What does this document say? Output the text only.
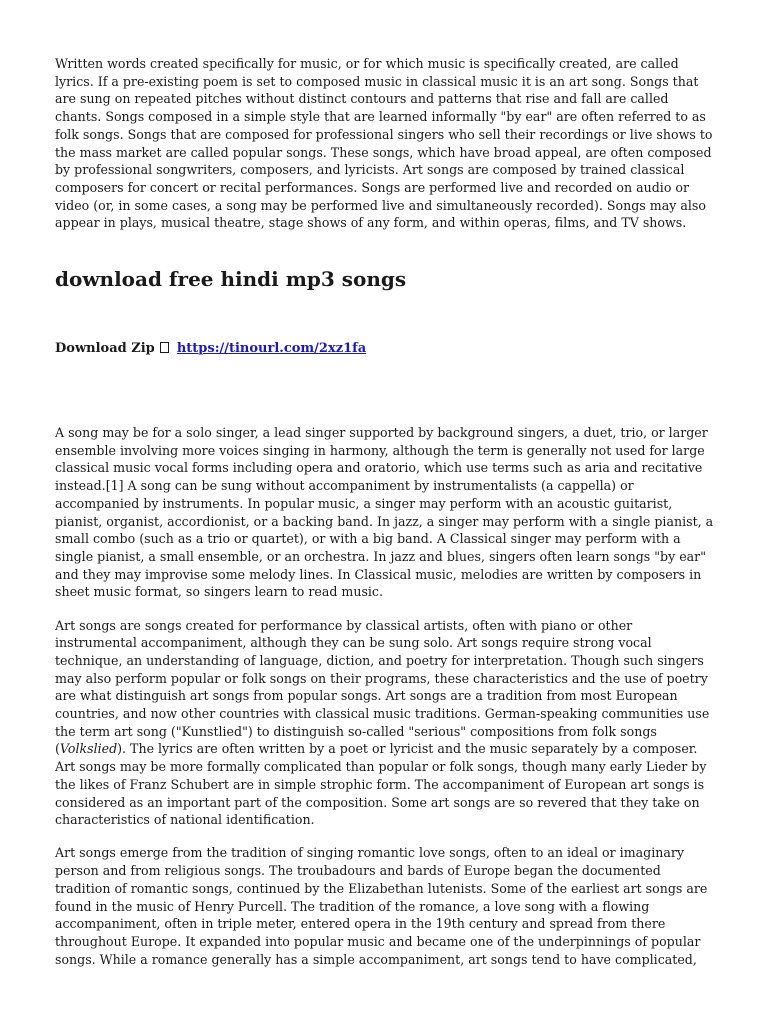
Written words created specifically for music, or for which music is specifically created, are called lyrics. If a pre-existing poem is set to composed music in classical music it is an art song. Songs that are sung on repeated pitches without distinct contours and patterns that rise and fall are called chants. Songs composed in a simple style that are learned informally "by ear" are often referred to as folk songs. Songs that are composed for professional singers who sell their recordings or live shows to the mass market are called popular songs. These songs, which have broad appeal, are often composed by professional songwriters, composers, and lyricists. Art songs are composed by trained classical composers for concert or recital performances. Songs are performed live and recorded on audio or video (or, in some cases, a song may be performed live and simultaneously recorded). Songs may also appear in plays, musical theatre, stage shows of any form, and within operas, films, and TV shows.

download free hindi mp3 songs
Download Zip https://tinourl.com/2xz1fa

A song may be for a solo singer, a lead singer supported by background singers, a duet, trio, or larger ensemble involving more voices singing in harmony, although the term is generally not used for large classical music vocal forms including opera and oratorio, which use terms such as aria and recitative instead.[1] A song can be sung without accompaniment by instrumentalists (a cappella) or accompanied by instruments. In popular music, a singer may perform with an acoustic guitarist, pianist, organist, accordionist, or a backing band. In jazz, a singer may perform with a single pianist, a small combo (such as a trio or quartet), or with a big band. A Classical singer may perform with a single pianist, a small ensemble, or an orchestra. In jazz and blues, singers often learn songs "by ear" and they may improvise some melody lines. In Classical music, melodies are written by composers in sheet music format, so singers learn to read music.

Art songs are songs created for performance by classical artists, often with piano or other instrumental accompaniment, although they can be sung solo. Art songs require strong vocal technique, an understanding of language, diction, and poetry for interpretation. Though such singers may also perform popular or folk songs on their programs, these characteristics and the use of poetry are what distinguish art songs from popular songs. Art songs are a tradition from most European countries, and now other countries with classical music traditions. German-speaking communities use the term art song ("Kunstlied") to distinguish so-called "serious" compositions from folk songs (Volkslied). The lyrics are often written by a poet or lyricist and the music separately by a composer. Art songs may be more formally complicated than popular or folk songs, though many early Lieder by the likes of Franz Schubert are in simple strophic form. The accompaniment of European art songs is considered as an important part of the composition. Some art songs are so revered that they take on characteristics of national identification.

Art songs emerge from the tradition of singing romantic love songs, often to an ideal or imaginary person and from religious songs. The troubadours and bards of Europe began the documented tradition of romantic songs, continued by the Elizabethan lutenists. Some of the earliest art songs are found in the music of Henry Purcell. The tradition of the romance, a love song with a flowing accompaniment, often in triple meter, entered opera in the 19th century and spread from there throughout Europe. It expanded into popular music and became one of the underpinnings of popular songs. While a romance generally has a simple accompaniment, art songs tend to have complicated,
